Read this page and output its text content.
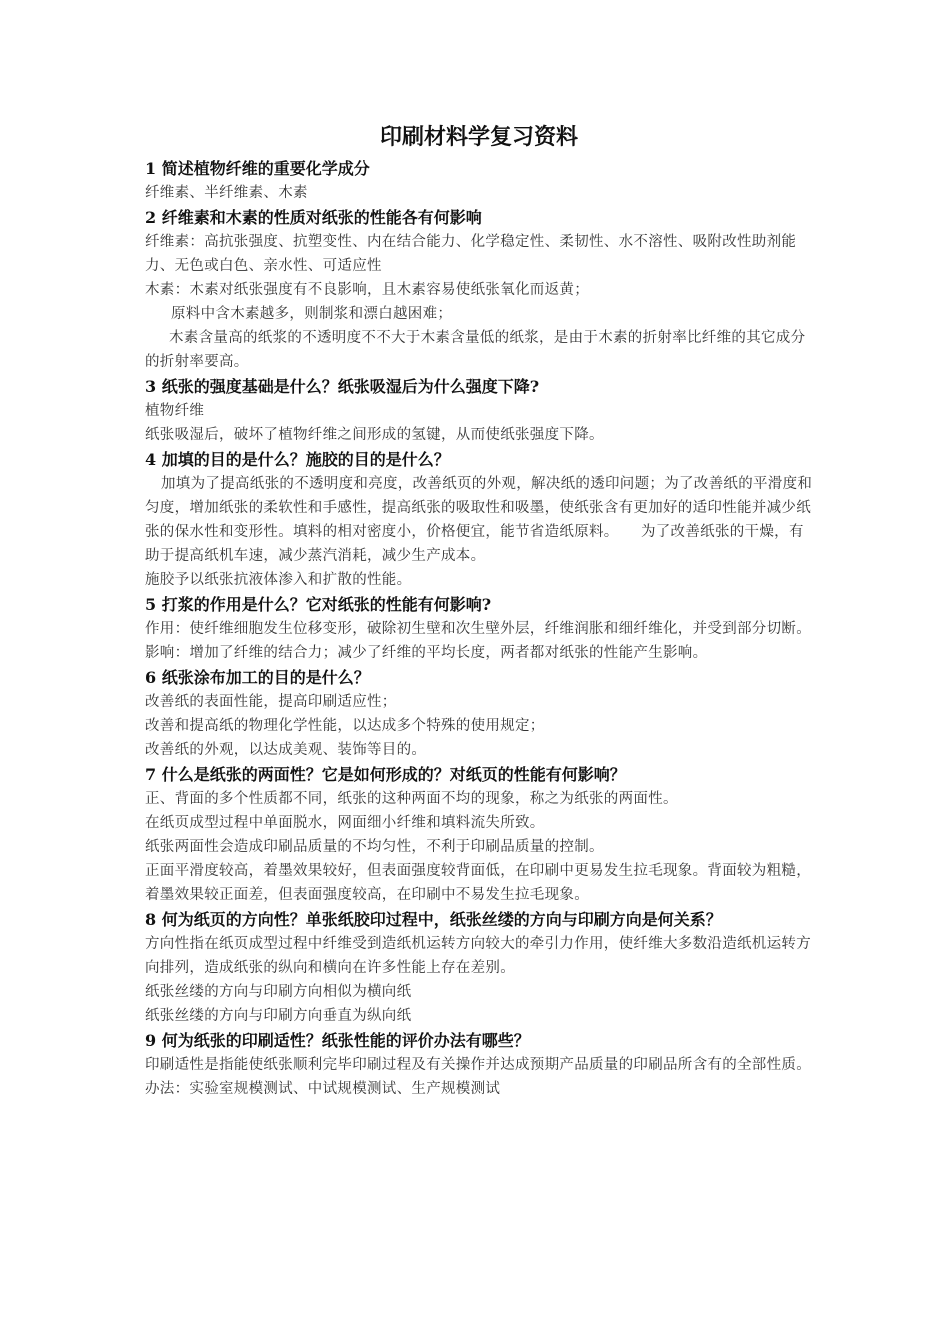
印刷材料学复习资料
1 简述植物纤维的重要化学成分
纤维素、半纤维素、木素
2 纤维素和木素的性质对纸张的性能各有何影响
纤维素：高抗张强度、抗塑变性、内在结合能力、化学稳定性、柔韧性、水不溶性、吸附改性助剂能力、无色或白色、亲水性、可适应性
木素：木素对纸张强度有不良影响，且木素容易使纸张氧化而返黄；
原料中含木素越多，则制浆和漂白越困难；
木素含量高的纸浆的不透明度不不大于木素含量低的纸浆，是由于木素的折射率比纤维的其它成分的折射率要高。
3 纸张的强度基础是什么？纸张吸湿后为什么强度下降?
植物纤维
纸张吸湿后，破坏了植物纤维之间形成的氢键，从而使纸张强度下降。
4 加填的目的是什么？施胶的目的是什么？
加填为了提高纸张的不透明度和亮度，改善纸页的外观，解决纸的透印问题；为了改善纸的平滑度和匀度，增加纸张的柔软性和手感性，提高纸张的吸取性和吸墨，使纸张含有更加好的适印性能并减少纸张的保水性和变形性。填料的相对密度小，价格便宜，能节省造纸原料。　　为了改善纸张的干燥，有助于提高纸机车速，减少蒸汽消耗，减少生产成本。
施胶予以纸张抗液体渗入和扩散的性能。
5 打浆的作用是什么？它对纸张的性能有何影响?
作用：使纤维细胞发生位移变形，破除初生壁和次生壁外层，纤维润胀和细纤维化，并受到部分切断。
影响：增加了纤维的结合力；减少了纤维的平均长度，两者都对纸张的性能产生影响。
6 纸张涂布加工的目的是什么？
改善纸的表面性能，提高印刷适应性；
改善和提高纸的物理化学性能，以达成多个特殊的使用规定；
改善纸的外观，以达成美观、装饰等目的。
7 什么是纸张的两面性？它是如何形成的？对纸页的性能有何影响？
正、背面的多个性质都不同，纸张的这种两面不均的现象，称之为纸张的两面性。
在纸页成型过程中单面脱水，网面细小纤维和填料流失所致。
纸张两面性会造成印刷品质量的不均匀性，不利于印刷品质量的控制。
正面平滑度较高，着墨效果较好，但表面强度较背面低，在印刷中更易发生拉毛现象。背面较为粗糙，着墨效果较正面差，但表面强度较高，在印刷中不易发生拉毛现象。
8 何为纸页的方向性？单张纸胶印过程中，纸张丝缕的方向与印刷方向是何关系？
方向性指在纸页成型过程中纤维受到造纸机运转方向较大的牵引力作用，使纤维大多数沿造纸机运转方向排列，造成纸张的纵向和横向在许多性能上存在差别。
纸张丝缕的方向与印刷方向相似为横向纸
纸张丝缕的方向与印刷方向垂直为纵向纸
9 何为纸张的印刷适性？纸张性能的评价办法有哪些？
印刷适性是指能使纸张顺利完毕印刷过程及有关操作并达成预期产品质量的印刷品所含有的全部性质。
办法：实验室规模测试、中试规模测试、生产规模测试
